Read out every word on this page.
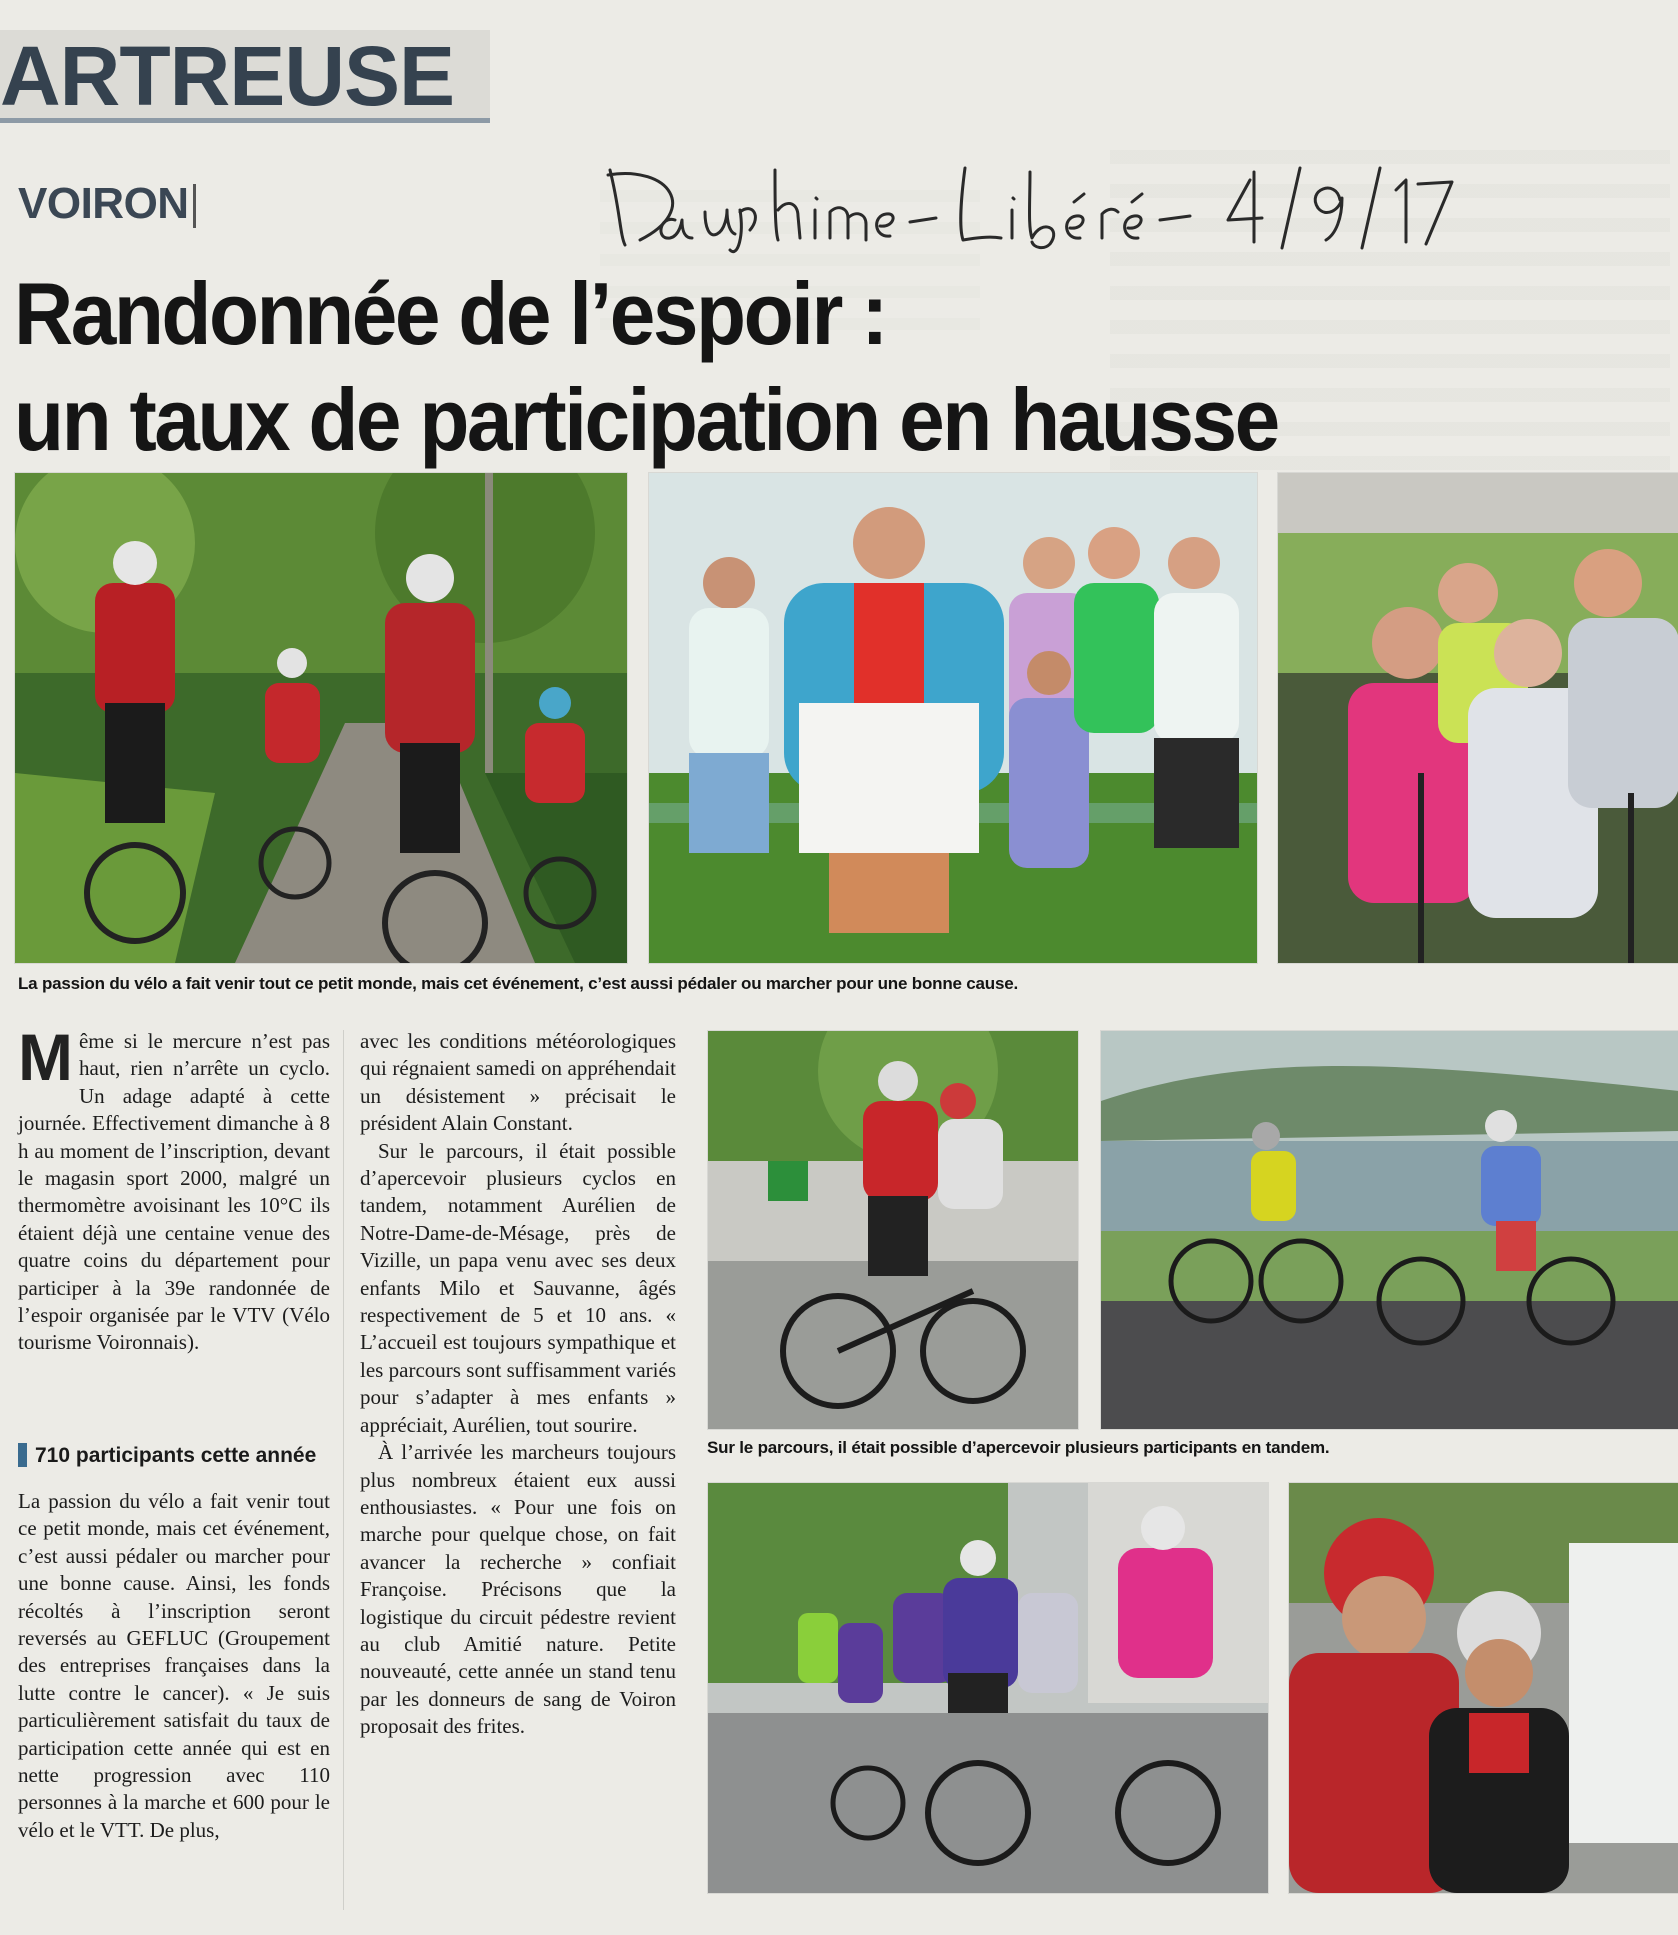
ARTREUSE
VOIRON
Randonnée de l’espoir :
un taux de participation en hausse
La passion du vélo a fait venir tout ce petit monde, mais cet événement, c’est aussi pédaler ou marcher pour une bonne cause.

Même si le mercure n’est pas haut, rien n’arrête un cyclo. Un adage adapté à cette journée. Effectivement dimanche à 8 h au moment de l’inscription, devant le magasin sport 2000, malgré un thermomètre avoisinant les 10°C ils étaient déjà une centaine venue des quatre coins du département pour participer à la 39e randonnée de l’espoir organisée par le VTV (Vélo tourisme Voironnais).

710 participants cette année

La passion du vélo a fait venir tout ce petit monde, mais cet événement, c’est aussi pédaler ou marcher pour une bonne cause. Ainsi, les fonds récoltés à l’inscription seront reversés au GEFLUC (Groupement des entreprises françaises dans la lutte contre le cancer). « Je suis particulièrement satisfait du taux de participation cette année qui est en nette progression avec 110 personnes à la marche et 600 pour le vélo et le VTT. De plus,

avec les conditions météorologiques qui régnaient samedi on appréhendait un désistement » précisait le président Alain Constant.

Sur le parcours, il était possible d’apercevoir plusieurs cyclos en tandem, notamment Aurélien de Notre-Dame-de-Mésage, près de Vizille, un papa venu avec ses deux enfants Milo et Sauvanne, âgés respectivement de 5 et 10 ans. « L’accueil est toujours sympathique et les parcours sont suffisamment variés pour s’adapter à mes enfants » appréciait, Aurélien, tout sourire.

À l’arrivée les marcheurs toujours plus nombreux étaient eux aussi enthousiastes. « Pour une fois on marche pour quelque chose, on fait avancer la recherche » confiait Françoise. Précisons que la logistique du circuit pédestre revient au club Amitié nature. Petite nouveauté, cette année un stand tenu par les donneurs de sang de Voiron proposait des frites.

Sur le parcours, il était possible d’apercevoir plusieurs participants en tandem.
